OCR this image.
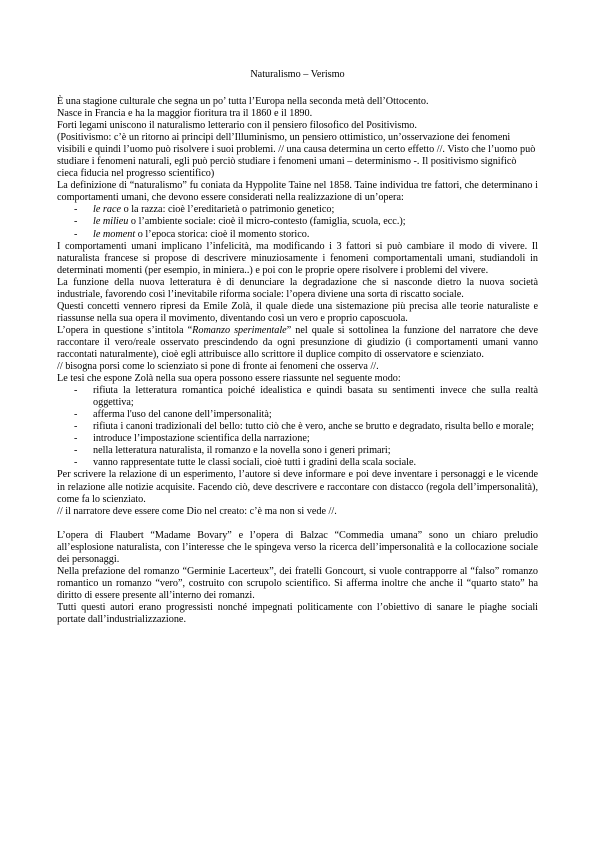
Naturalismo – Verismo

È una stagione culturale che segna un po’ tutta l’Europa nella seconda metà dell’Ottocento.

Nasce in Francia e ha la maggior fioritura tra il 1860 e il 1890.

Forti legami uniscono il naturalismo letterario con il pensiero filosofico del Positivismo.

(Positivismo: c’è un ritorno ai principi dell’Illuminismo, un pensiero ottimistico, un’osservazione dei fenomeni visibili e quindi l’uomo può risolvere i suoi problemi. // una causa determina un certo effetto //. Visto che l’uomo può studiare i fenomeni naturali, egli può perciò studiare i fenomeni umani – determinismo -. Il positivismo significò cieca fiducia nel progresso scientifico)

La definizione di “naturalismo” fu coniata da Hyppolite Taine nel 1858. Taine individua tre fattori, che determinano i comportamenti umani, che devono essere considerati nella realizzazione di un’opera:

- le race o la razza: cioè l’ereditarietà o patrimonio genetico;
- le milieu o l’ambiente sociale: cioè il micro-contesto (famiglia, scuola, ecc.);
- le moment o l’epoca storica: cioè il momento storico.

I comportamenti umani implicano l’infelicità, ma modificando i 3 fattori si può cambiare il modo di vivere. Il naturalista francese si propose di descrivere minuziosamente i fenomeni comportamentali umani, studiandoli in determinati momenti (per esempio, in miniera..) e poi con le proprie opere risolvere i problemi del vivere.

La funzione della nuova letteratura è di denunciare la degradazione che si nasconde dietro la nuova società industriale, favorendo così l’inevitabile riforma sociale: l’opera diviene una sorta di riscatto sociale.

Questi concetti vennero ripresi da Emile Zolà, il quale diede una sistemazione più precisa alle teorie naturaliste e riassunse nella sua opera il movimento, diventando così un vero e proprio caposcuola.

L’opera in questione s’intitola “Romanzo sperimentale” nel quale si sottolinea la funzione del narratore che deve raccontare il vero/reale osservato prescindendo da ogni presunzione di giudizio (i comportamenti umani vanno raccontati naturalmente), cioè egli attribuisce allo scrittore il duplice compito di osservatore e scienziato.

// bisogna porsi come lo scienziato si pone di fronte ai fenomeni che osserva //.

Le tesi che espone Zolà nella sua opera possono essere riassunte nel seguente modo:

- rifiuta la letteratura romantica poiché idealistica e quindi basata su sentimenti invece che sulla realtà oggettiva;
- afferma l'uso del canone dell’impersonalità;
- rifiuta i canoni tradizionali del bello: tutto ciò che è vero, anche se brutto e degradato, risulta bello e morale;
- introduce l’impostazione scientifica della narrazione;
- nella letteratura naturalista, il romanzo e la novella sono i generi primari;
- vanno rappresentate tutte le classi sociali, cioè tutti i gradini della scala sociale.

Per scrivere la relazione di un esperimento, l’autore si deve informare e poi deve inventare i personaggi e le vicende in relazione alle notizie acquisite. Facendo ciò, deve descrivere e raccontare con distacco (regola dell’impersonalità), come fa lo scienziato.

// il narratore deve essere come Dio nel creato: c’è ma non si vede //.

L’opera di Flaubert “Madame Bovary” e l’opera di Balzac “Commedia umana” sono un chiaro preludio all’esplosione naturalista, con l’interesse che le spingeva verso la ricerca dell’impersonalità e la collocazione sociale dei personaggi.

Nella prefazione del romanzo “Germinie Lacerteux”, dei fratelli Goncourt, si vuole contrapporre al “falso” romanzo romantico un romanzo “vero”, costruito con scrupolo scientifico. Si afferma inoltre che anche il “quarto stato” ha diritto di essere presente all’interno dei romanzi.

Tutti questi autori erano progressisti nonché impegnati politicamente con l’obiettivo di sanare le piaghe sociali portate dall’industrializzazione.
